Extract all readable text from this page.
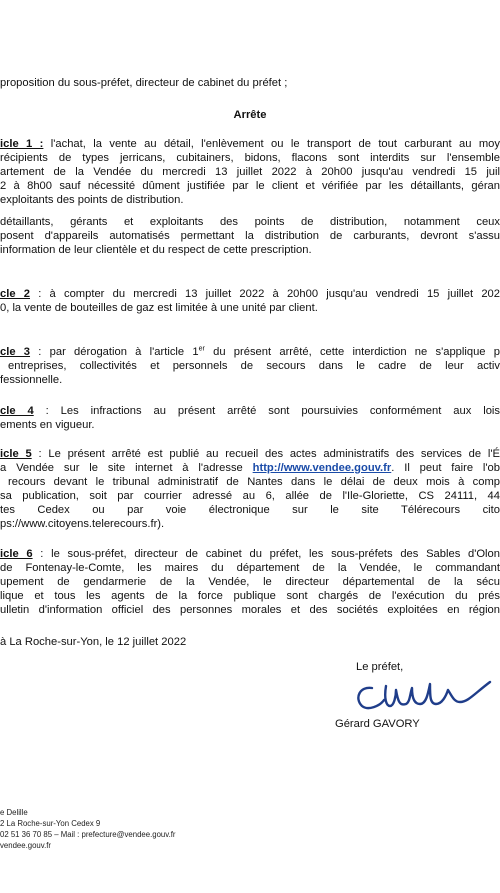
proposition du sous-préfet, directeur de cabinet du préfet ;
Arrête
icle 1 : l'achat, la vente au détail, l'enlèvement ou le transport de tout carburant au moy
récipients de types jerricans, cubitainers, bidons, flacons sont interdits sur l'ensemble
artement de la Vendée du mercredi 13 juillet 2022 à 20h00 jusqu'au vendredi 15 juil
2 à 8h00 sauf nécessité dûment justifiée par le client et vérifiée par les détaillants, géran
exploitants des points de distribution.
détaillants, gérants et exploitants des points de distribution, notamment ceux
posent d'appareils automatisés permettant la distribution de carburants, devront s'assu
information de leur clientèle et du respect de cette prescription.
cle 2 : à compter du mercredi 13 juillet 2022 à 20h00 jusqu'au vendredi 15 juillet 202
0, la vente de bouteilles de gaz est limitée à une unité par client.
cle 3 : par dérogation à l'article 1er du présent arrêté, cette interdiction ne s'applique p
entreprises, collectivités et personnels de secours dans le cadre de leur activ
fessionnelle.
cle 4 : Les infractions au présent arrêté sont poursuivies conformément aux lois
ements en vigueur.
icle 5 : Le présent arrêté est publié au recueil des actes administratifs des services de l'É
a Vendée sur le site internet à l'adresse http://www.vendee.gouv.fr. Il peut faire l'ob
recours devant le tribunal administratif de Nantes dans le délai de deux mois à comp
sa publication, soit par courrier adressé au 6, allée de l'Ile-Gloriette, CS 24111, 44
tes Cedex ou par voie électronique sur le site Télérecours cito
ps://www.citoyens.telerecours.fr).
icle 6 : le sous-préfet, directeur de cabinet du préfet, les sous-préfets des Sables d'Olon
de Fontenay-le-Comte, les maires du département de la Vendée, le commandant
upement de gendarmerie de la Vendée, le directeur départemental de la sécu
lique et tous les agents de la force publique sont chargés de l'exécution du prés
ulletin d'information officiel des personnes morales et des sociétés exploitées en région
à La Roche-sur-Yon, le 12 juillet 2022
Le préfet,
Gérard GAVORY
e Delille
2 La Roche-sur-Yon Cedex 9
02 51 36 70 85 – Mail : prefecture@vendee.gouv.fr
vendee.gouv.fr
